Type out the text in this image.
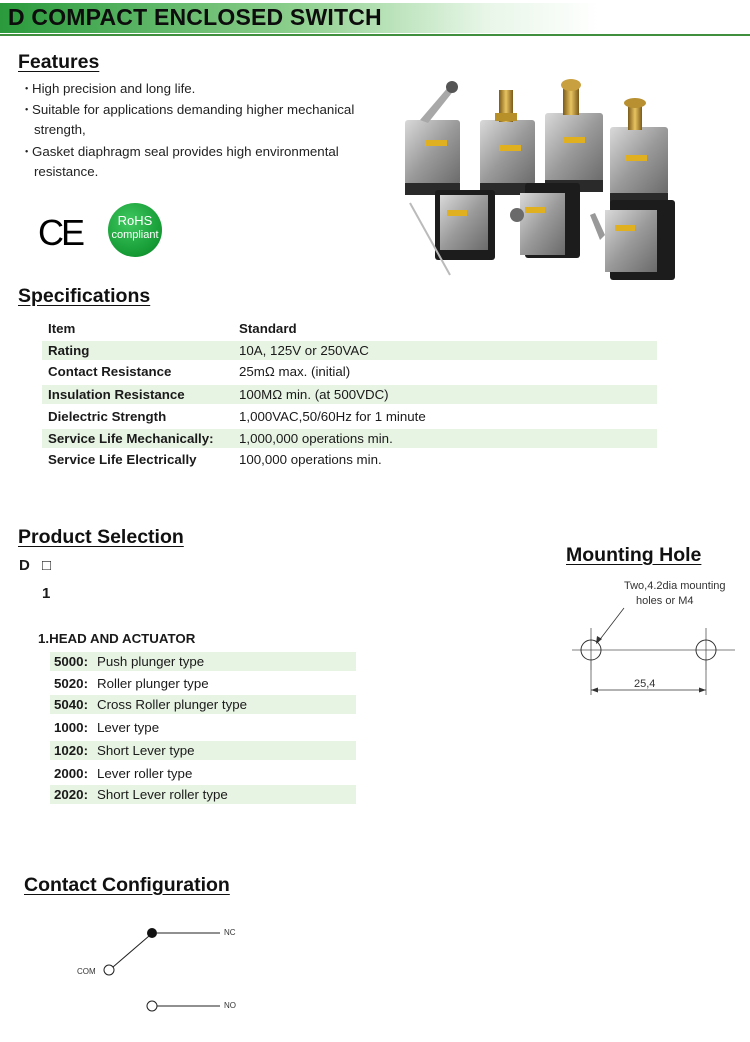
D COMPACT ENCLOSED SWITCH
Features
・High precision and long life.
・Suitable for applications demanding higher mechanical
strength,
・Gasket diaphragm seal provides high environmental
resistance.
CE	RoHS
compliant
Specifications
Item	Standard
Rating	10A, 125V or 250VAC
Contact Resistance	25mΩ max. (initial)
Insulation Resistance	100MΩ min. (at 500VDC)
Dielectric Strength	1,000VAC,50/60Hz for 1 minute
Service Life Mechanically: 1,000,000 operations min.
Service Life Electrically	100,000 operations min.
Product Selection
D □
1
1.HEAD AND ACTUATOR
5000: Push plunger type
5020: Roller plunger type
5040: Cross Roller plunger type
1000: Lever type
1020: Short Lever type
2000: Lever roller type
2020: Short Lever roller type
Mounting Hole
Two,4.2dia mounting
holes or M4
25,4
Contact Configuration
NC
COM
NO
